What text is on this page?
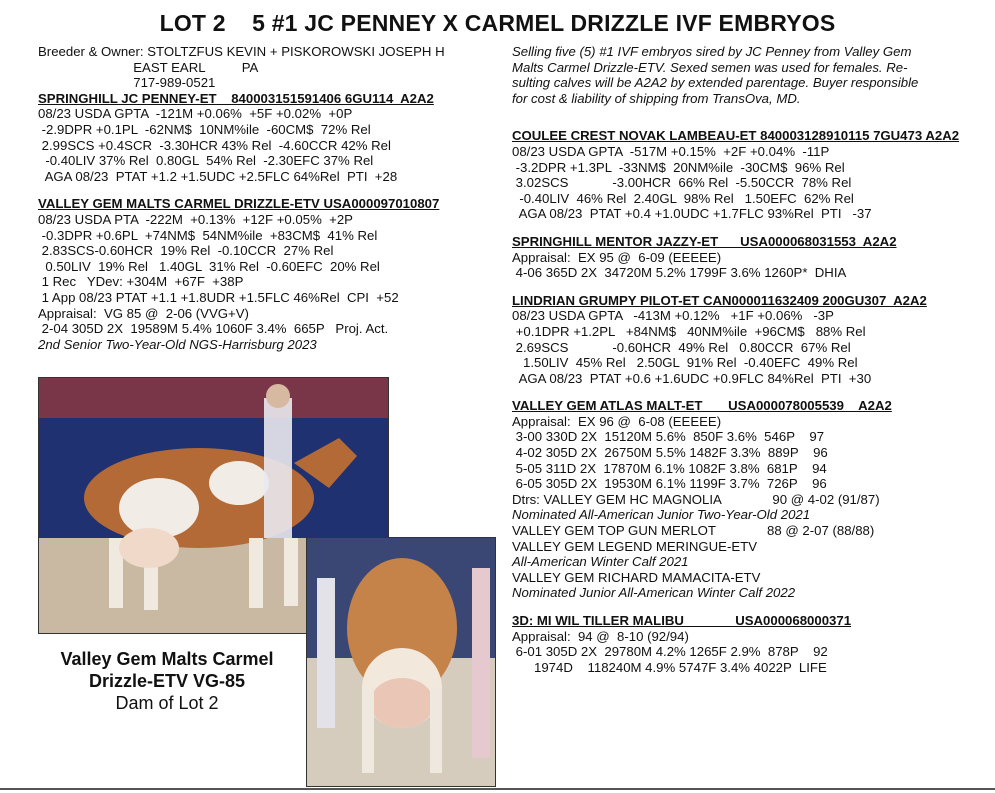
LOT 2    5 #1 JC PENNEY X CARMEL DRIZZLE IVF EMBRYOS
Breeder & Owner: STOLTZFUS KEVIN + PISKOROWSKI JOSEPH H
EAST EARL          PA
717-989-0521
SPRINGHILL JC PENNEY-ET    840003151591406 6GU114  A2A2
08/23 USDA GPTA  -121M +0.06%  +5F +0.02%  +0P
-2.9DPR +0.1PL  -62NM$  10NM%ile  -60CM$  72% Rel
2.99SCS +0.4SCR  -3.30HCR 43% Rel  -4.60CCR 42% Rel
-0.40LIV 37% Rel  0.80GL  54% Rel  -2.30EFC 37% Rel
AGA 08/23  PTAT +1.2 +1.5UDC +2.5FLC 64%Rel  PTI  +28
VALLEY GEM MALTS CARMEL DRIZZLE-ETV USA000097010807
08/23 USDA PTA  -222M  +0.13%  +12F +0.05%  +2P
-0.3DPR +0.6PL  +74NM$  54NM%ile  +83CM$  41% Rel
2.83SCS-0.60HCR  19% Rel  -0.10CCR  27% Rel
0.50LIV  19% Rel   1.40GL  31% Rel  -0.60EFC  20% Rel
1 Rec   YDev: +304M  +67F  +38P
1 App 08/23 PTAT +1.1 +1.8UDR +1.5FLC 46%Rel  CPI  +52
Appraisal:  VG 85 @  2-06 (VVG+V)
2-04 305D 2X  19589M 5.4% 1060F 3.4%  665P   Proj. Act.
2nd Senior Two-Year-Old NGS-Harrisburg 2023
Valley Gem Malts Carmel
Drizzle-ETV VG-85
Dam of Lot 2
Selling five (5) #1 IVF embryos sired by JC Penney from Valley Gem
Malts Carmel Drizzle-ETV. Sexed semen was used for females. Re-
sulting calves will be A2A2 by extended parentage. Buyer responsible
for cost & liability of shipping from TransOva, MD.
COULEE CREST NOVAK LAMBEAU-ET 840003128910115 7GU473 A2A2
08/23 USDA GPTA  -517M +0.15%  +2F +0.04%  -11P
-3.2DPR +1.3PL  -33NM$  20NM%ile  -30CM$  96% Rel
3.02SCS            -3.00HCR  66% Rel  -5.50CCR  78% Rel
-0.40LIV  46% Rel  2.40GL  98% Rel   1.50EFC  62% Rel
AGA 08/23  PTAT +0.4 +1.0UDC +1.7FLC 93%Rel  PTI   -37
SPRINGHILL MENTOR JAZZY-ET      USA000068031553  A2A2
Appraisal:  EX 95 @  6-09 (EEEEE)
4-06 365D 2X  34720M 5.2% 1799F 3.6% 1260P*  DHIA
LINDRIAN GRUMPY PILOT-ET CAN000011632409 200GU307  A2A2
08/23 USDA GPTA   -413M +0.12%   +1F +0.06%   -3P
+0.1DPR +1.2PL   +84NM$   40NM%ile  +96CM$   88% Rel
2.69SCS            -0.60HCR  49% Rel   0.80CCR  67% Rel
1.50LIV  45% Rel   2.50GL  91% Rel  -0.40EFC  49% Rel
AGA 08/23  PTAT +0.6 +1.6UDC +0.9FLC 84%Rel  PTI  +30
VALLEY GEM ATLAS MALT-ET       USA000078005539    A2A2
Appraisal:  EX 96 @  6-08 (EEEEE)
3-00 330D 2X  15120M 5.6%  850F 3.6%  546P    97
4-02 305D 2X  26750M 5.5% 1482F 3.3%  889P    96
5-05 311D 2X  17870M 6.1% 1082F 3.8%  681P    94
6-05 305D 2X  19530M 6.1% 1199F 3.7%  726P    96
Dtrs: VALLEY GEM HC MAGNOLIA              90 @ 4-02 (91/87)
Nominated All-American Junior Two-Year-Old 2021
VALLEY GEM TOP GUN MERLOT              88 @ 2-07 (88/88)
VALLEY GEM LEGEND MERINGUE-ETV
All-American Winter Calf 2021
VALLEY GEM RICHARD MAMACITA-ETV
Nominated Junior All-American Winter Calf 2022
3D: MI WIL TILLER MALIBU              USA000068000371
Appraisal:  94 @  8-10 (92/94)
6-01 305D 2X  29780M 4.2% 1265F 2.9%  878P    92
1974D    118240M 4.9% 5747F 3.4% 4022P  LIFE
